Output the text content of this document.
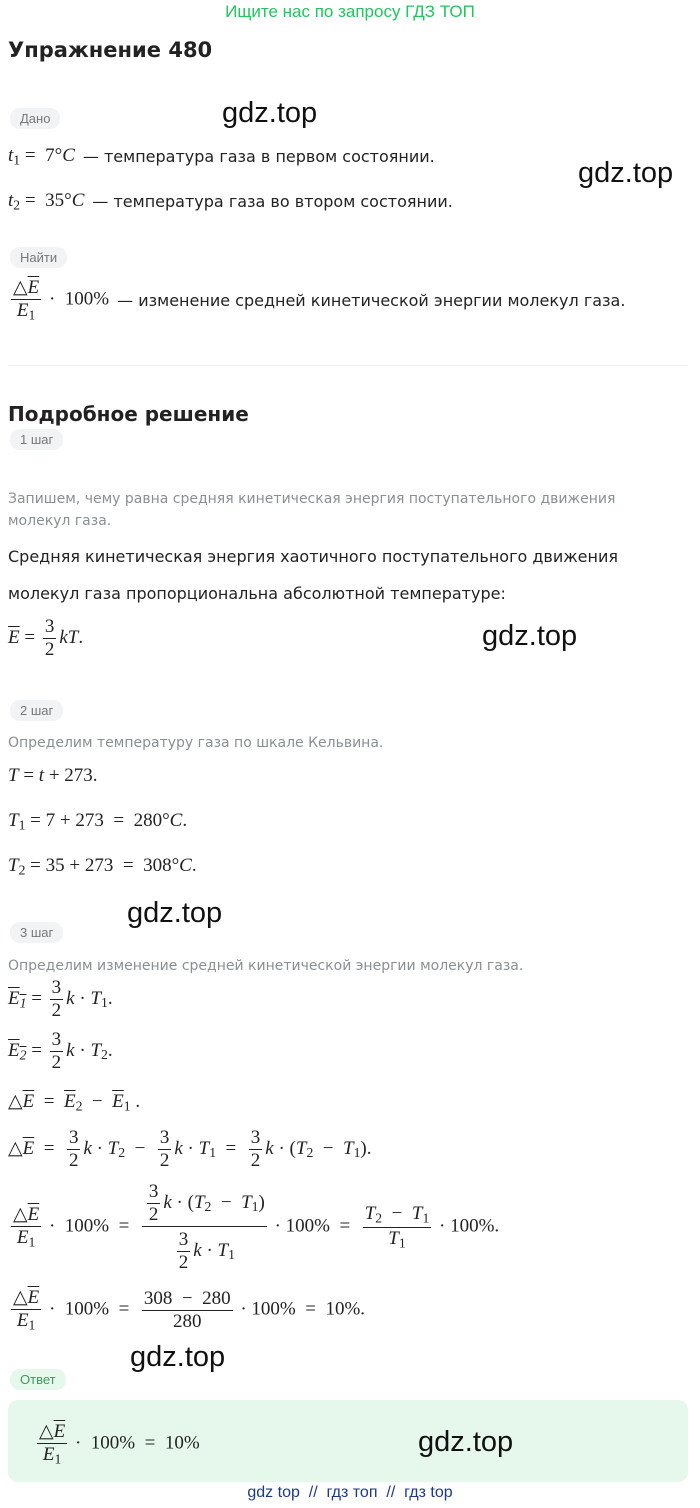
Ищите нас по запросу ГДЗ ТОП
Упражнение 480
Дано	gdz.top
gdz.top
$t_1 = 7^\circ C$ — температура газа в первом состоянии.
$t_2 = 35^\circ C$ — температура газа во втором состоянии.
Найти
$\frac{\triangle\overline{E}}{\overline{E}_1} \cdot 100\%$ — изменение средней кинетической энергии молекул газа.
Подробное решение
1 шаг
Запишем, чему равна средняя кинетическая энергия поступательного движения молекул газа.
Средняя кинетическая энергия хаотичного поступательного движения
молекул газа пропорциональна абсолютной температуре:
$\overline{E} = \frac{3}{2}$ kT.	gdz.top
2 шаг
Определим температуру газа по шкале Кельвина.
T = t + 273.
$T_1 = 7 + 273 = 280^\circ C$.
$T_2 = 35 + 273 = 308^\circ C$.
gdz.top
3 шаг
Определим изменение средней кинетической энергии молекул газа.
$E_1 = \frac{3}{2}$ $k \cdot T_1$.
$E_2 = \frac{3}{2}$ $k \cdot T_2$.
$\triangle\overline{E} = \overline{E}_2 - \overline{E}_1$ .
$\triangle\overline{E} = \frac{3}{2}$ $k \cdot T_2 - \frac{3}{2}$ $k \cdot T_1 = \frac{3}{2}$ $k \cdot (T_2 - T_1)$.
$\frac{\triangle\overline{E}}{\overline{E}_1} \cdot 100\% = \frac{\frac{3}{2} k \cdot (T_2 - T_1)}{\frac{3}{2} k \cdot T_1} \cdot 100\% = \frac{T_2 - T_1}{T_1} \cdot 100\%$.
$\frac{\triangle\overline{E}}{\overline{E}_1} \cdot 100\% = \frac{308 - 280}{280} \cdot 100\% = 10\%$.
gdz.top
Ответ
$\frac{\triangle\overline{E}}{\overline{E}_1} \cdot 100\% = 10\%$	gdz.top
gdz top  //  гдз топ  //  гдз top
